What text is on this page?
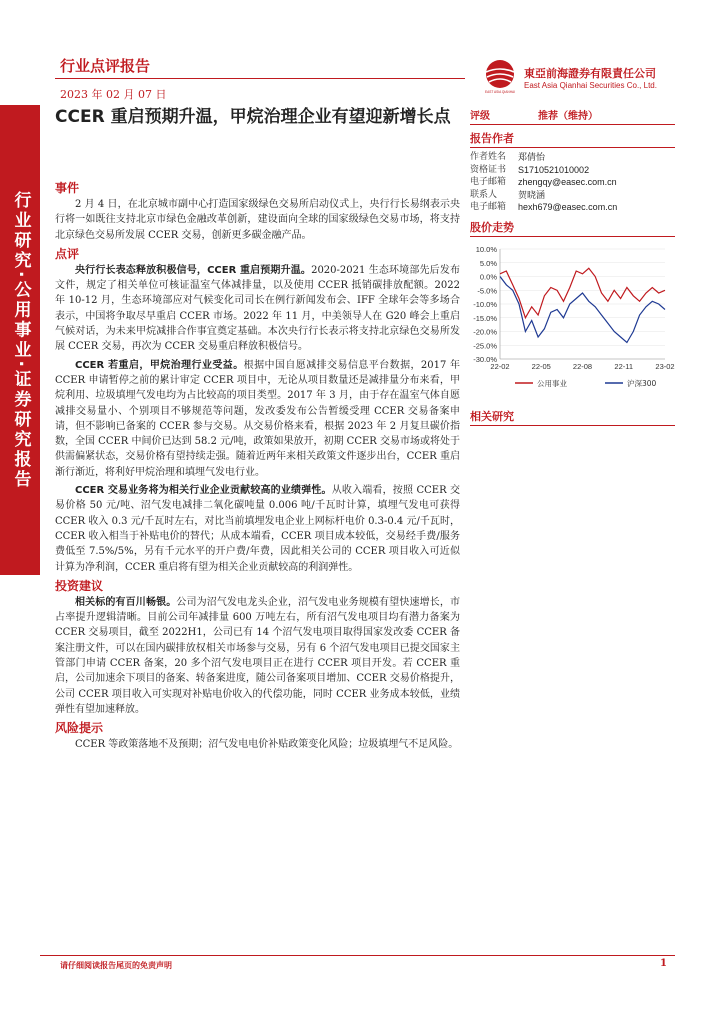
行业研究·公用事业·证券研究报告
行业点评报告
2023 年 02 月 07 日	EAST ASIA QIANHAI
東亞前海證券有限責任公司
East Asia Qianhai Securities Co., Ltd.
CCER 重启预期升温，甲烷治理企业有望迎新增长点
事件

2 月 4 日，在北京城市副中心打造国家级绿色交易所启动仪式上，央行行长易纲表示央行将一如既往支持北京市绿色金融改革创新，建设面向全球的国家级绿色交易市场，将支持北京绿色交易所发展 CCER 交易，创新更多碳金融产品。

点评

央行行长表态释放积极信号，CCER 重启预期升温。2020-2021 生态环境部先后发布文件，规定了相关单位可核证温室气体减排量，以及使用 CCER 抵销碳排放配额。2022 年 10-12 月，生态环境部应对气候变化司司长在例行新闻发布会、IFF 全球年会等多场合表示，中国将争取尽早重启 CCER 市场。2022 年 11 月，中美领导人在 G20 峰会上重启气候对话，为未来甲烷减排合作事宜奠定基础。本次央行行长表示将支持北京绿色交易所发展 CCER 交易，再次为 CCER 交易重启释放积极信号。

CCER 若重启，甲烷治理行业受益。根据中国自愿减排交易信息平台数据，2017 年 CCER 申请暂停之前的累计审定 CCER 项目中，无论从项目数量还是减排量分布来看，甲烷利用、垃圾填埋气发电均为占比较高的项目类型。2017 年 3 月，由于存在温室气体自愿减排交易量小、个别项目不够规范等问题，发改委发布公告暂缓受理 CCER 交易备案申请，但不影响已备案的 CCER 参与交易。从交易价格来看，根据 2023 年 2 月复旦碳价指数，全国 CCER 中间价已达到 58.2 元/吨，政策如果放开，初期 CCER 交易市场或将处于供需偏紧状态，交易价格有望持续走强。随着近两年来相关政策文件逐步出台，CCER 重启渐行渐近，将利好甲烷治理和填埋气发电行业。

CCER 交易业务将为相关行业企业贡献较高的业绩弹性。从收入端看，按照 CCER 交易价格 50 元/吨、沼气发电减排二氧化碳吨量 0.006 吨/千瓦时计算，填埋气发电可获得 CCER 收入 0.3 元/千瓦时左右，对比当前填埋发电企业上网标杆电价 0.3-0.4 元/千瓦时，CCER 收入相当于补贴电价的替代；从成本端看，CCER 项目成本较低，交易经手费/服务费低至 7.5%/5%，另有千元水平的开户费/年费，因此相关公司的 CCER 项目收入可近似计算为净利润，CCER 重启将有望为相关企业贡献较高的利润弹性。

投资建议

相关标的有百川畅银。公司为沼气发电龙头企业，沼气发电业务规模有望快速增长，市占率提升逻辑清晰。目前公司年减排量 600 万吨左右，所有沼气发电项目均有潜力备案为 CCER 交易项目，截至 2022H1，公司已有 14 个沼气发电项目取得国家发改委 CCER 备案注册文件，可以在国内碳排放权相关市场参与交易，另有 6 个沼气发电项目已提交国家主管部门申请 CCER 备案，20 多个沼气发电项目正在进行 CCER 项目开发。若 CCER 重启，公司加速余下项目的备案、转备案进度，随公司备案项目增加、CCER 交易价格提升，公司 CCER 项目收入可实现对补贴电价收入的代偿功能，同时 CCER 业务成本较低，业绩弹性有望加速释放。

风险提示

CCER 等政策落地不及预期；沼气发电电价补贴政策变化风险；垃圾填埋气不足风险。

评级	推荐（维持）
报告作者
作者姓名	郑倩怡
资格证书	S1710521010002
电子邮箱	zhengqy@easec.com.cn
联系人	贺晓涵
电子邮箱	hexh679@easec.com.cn
股价走势
10.0%
5.0%
0.0%
-5.0%
-10.0%
-15.0%
-20.0%
-25.0%
-30.0%
22-02	22-05	22-08	22-11	23-02
公用事业	沪深300
相关研究
请仔细阅读报告尾页的免责声明	1
